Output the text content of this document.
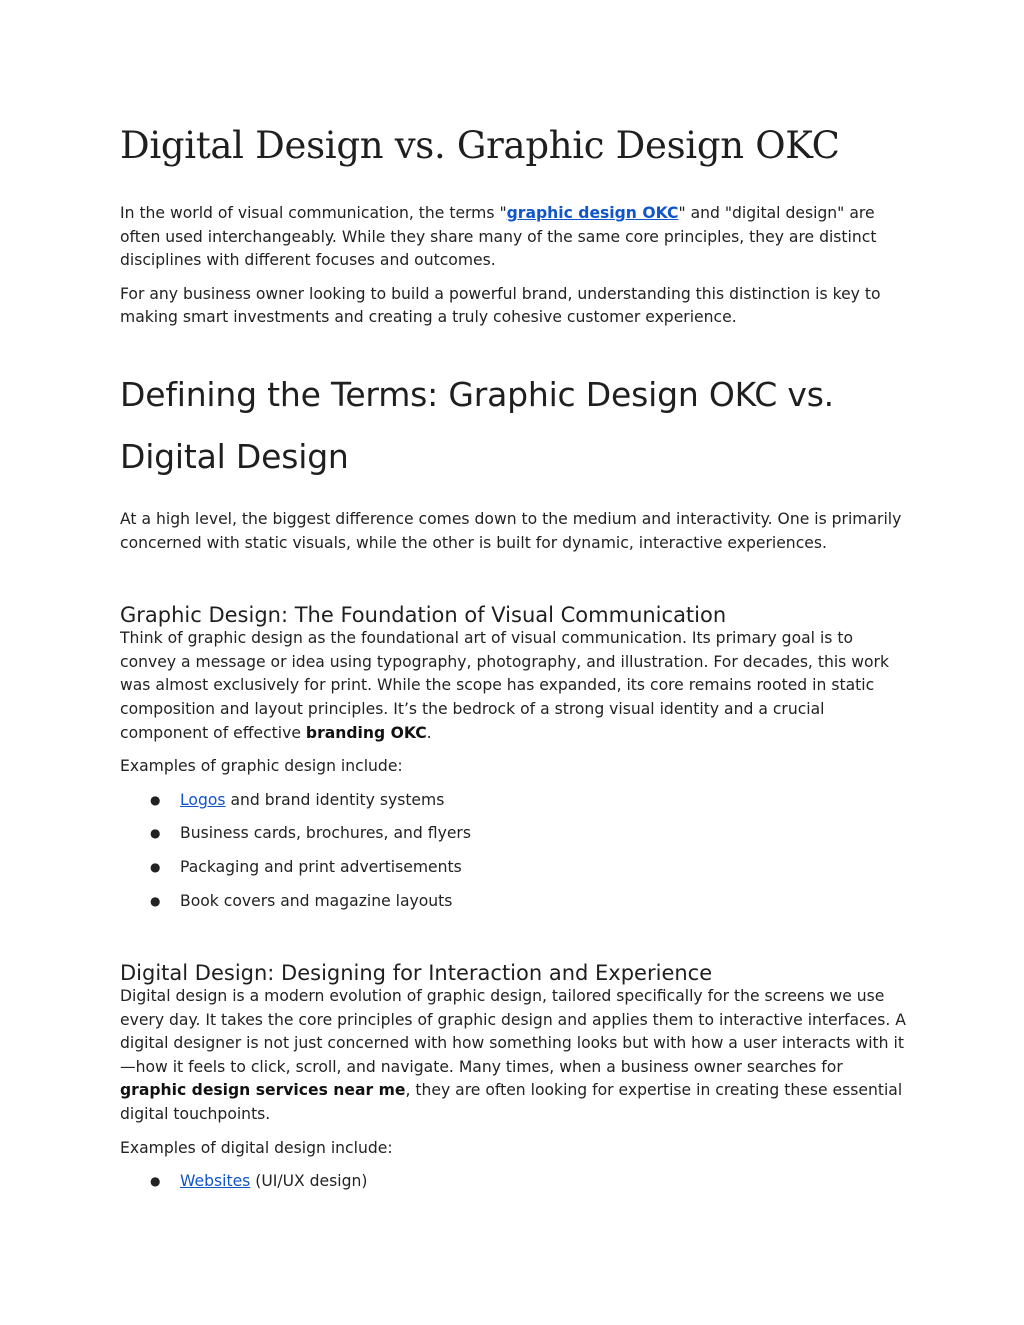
Digital Design vs. Graphic Design OKC

In the world of visual communication, the terms "graphic design OKC" and "digital design" are often used interchangeably. While they share many of the same core principles, they are distinct disciplines with different focuses and outcomes.

For any business owner looking to build a powerful brand, understanding this distinction is key to making smart investments and creating a truly cohesive customer experience.

Defining the Terms: Graphic Design OKC vs. Digital Design

At a high level, the biggest difference comes down to the medium and interactivity. One is primarily concerned with static visuals, while the other is built for dynamic, interactive experiences.

Graphic Design: The Foundation of Visual Communication

Think of graphic design as the foundational art of visual communication. Its primary goal is to convey a message or idea using typography, photography, and illustration. For decades, this work was almost exclusively for print. While the scope has expanded, its core remains rooted in static composition and layout principles. It’s the bedrock of a strong visual identity and a crucial component of effective branding OKC.

Examples of graphic design include:

● Logos and brand identity systems
● Business cards, brochures, and flyers
● Packaging and print advertisements
● Book covers and magazine layouts
Digital Design: Designing for Interaction and Experience

Digital design is a modern evolution of graphic design, tailored specifically for the screens we use every day. It takes the core principles of graphic design and applies them to interactive interfaces. A digital designer is not just concerned with how something looks but with how a user interacts with it—how it feels to click, scroll, and navigate. Many times, when a business owner searches for graphic design services near me, they are often looking for expertise in creating these essential digital touchpoints.

Examples of digital design include:

● Websites (UI/UX design)
